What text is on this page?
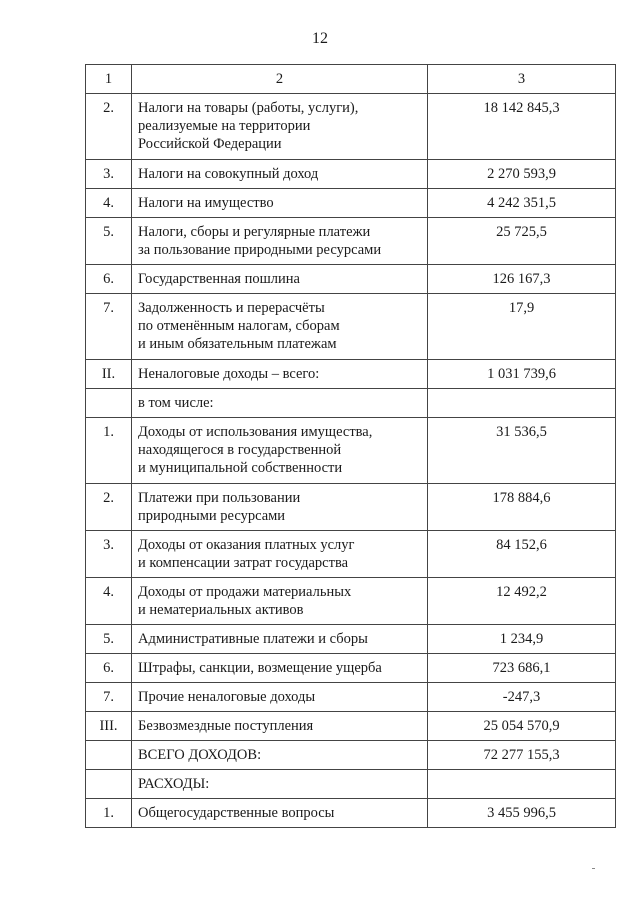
12
1	2	3
2.	Налоги на товары (работы, услуги),
реализуемые на территории
Российской Федерации	18 142 845,3
3.	Налоги на совокупный доход	2 270 593,9
4.	Налоги на имущество	4 242 351,5
5.	Налоги, сборы и регулярные платежи
за пользование природными ресурсами	25 725,5
6.	Государственная пошлина	126 167,3
7.	Задолженность и перерасчёты
по отменённым налогам, сборам
и иным обязательным платежам	17,9
II.	Неналоговые доходы – всего:	1 031 739,6
	в том числе:	
1.	Доходы от использования имущества,
находящегося в государственной
и муниципальной собственности	31 536,5
2.	Платежи при пользовании
природными ресурсами	178 884,6
3.	Доходы от оказания платных услуг
и компенсации затрат государства	84 152,6
4.	Доходы от продажи материальных
и нематериальных активов	12 492,2
5.	Административные платежи и сборы	1 234,9
6.	Штрафы, санкции, возмещение ущерба	723 686,1
7.	Прочие неналоговые доходы	-247,3
III.	Безвозмездные поступления	25 054 570,9
	ВСЕГО ДОХОДОВ:	72 277 155,3
	РАСХОДЫ:	
1.	Общегосударственные вопросы	3 455 996,5
